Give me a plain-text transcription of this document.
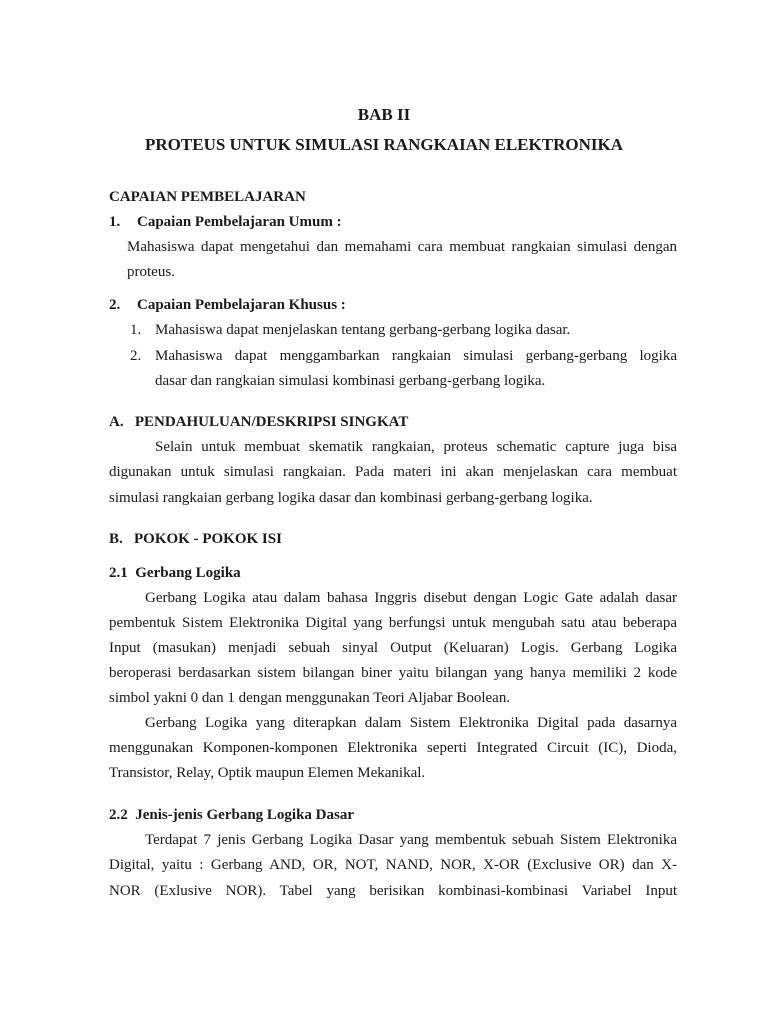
BAB II
PROTEUS UNTUK SIMULASI RANGKAIAN ELEKTRONIKA
CAPAIAN PEMBELAJARAN
1. Capaian Pembelajaran Umum :
Mahasiswa dapat mengetahui dan memahami cara membuat rangkaian simulasi dengan
proteus.
2. Capaian Pembelajaran Khusus :
1. Mahasiswa dapat menjelaskan tentang gerbang-gerbang logika dasar.
2. Mahasiswa dapat menggambarkan rangkaian simulasi gerbang-gerbang logika
dasar dan rangkaian simulasi kombinasi gerbang-gerbang logika.
A.   PENDAHULUAN/DESKRIPSI SINGKAT
Selain untuk membuat skematik rangkaian, proteus schematic capture juga bisa
digunakan untuk simulasi rangkaian. Pada materi ini akan menjelaskan cara membuat
simulasi rangkaian gerbang logika dasar dan kombinasi gerbang-gerbang logika.
B.   POKOK - POKOK ISI
2.1  Gerbang Logika
Gerbang Logika atau dalam bahasa Inggris disebut dengan Logic Gate adalah dasar
pembentuk Sistem Elektronika Digital yang berfungsi untuk mengubah satu atau beberapa
Input (masukan) menjadi sebuah sinyal Output (Keluaran) Logis. Gerbang Logika
beroperasi berdasarkan sistem bilangan biner yaitu bilangan yang hanya memiliki 2 kode
simbol yakni 0 dan 1 dengan menggunakan Teori Aljabar Boolean.
Gerbang Logika yang diterapkan dalam Sistem Elektronika Digital pada dasarnya
menggunakan Komponen-komponen Elektronika seperti Integrated Circuit (IC), Dioda,
Transistor, Relay, Optik maupun Elemen Mekanikal.
2.2  Jenis-jenis Gerbang Logika Dasar
Terdapat 7 jenis Gerbang Logika Dasar yang membentuk sebuah Sistem Elektronika
Digital, yaitu : Gerbang AND, OR, NOT, NAND, NOR, X-OR (Exclusive OR) dan X-
NOR (Exlusive NOR). Tabel yang berisikan kombinasi-kombinasi Variabel Input
